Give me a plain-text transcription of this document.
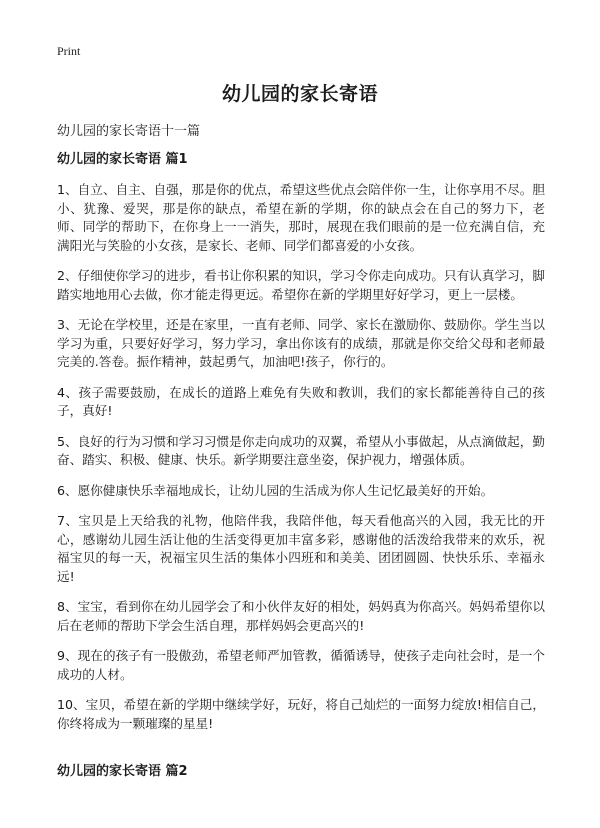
Print
幼儿园的家长寄语

幼儿园的家长寄语十一篇

幼儿园的家长寄语 篇1

1、自立、自主、自强，那是你的优点，希望这些优点会陪伴你一生，让你享用不尽。胆小、犹豫、爱哭，那是你的缺点，希望在新的学期，你的缺点会在自己的努力下，老师、同学的帮助下，在你身上一一消失，那时，展现在我们眼前的是一位充满自信，充满阳光与笑脸的小女孩，是家长、老师、同学们都喜爱的小女孩。

2、仔细使你学习的进步，看书让你积累的知识，学习令你走向成功。只有认真学习，脚踏实地地用心去做，你才能走得更远。希望你在新的学期里好好学习，更上一层楼。

3、无论在学校里，还是在家里，一直有老师、同学、家长在激励你、鼓励你。学生当以学习为重，只要好好学习，努力学习，拿出你该有的成绩，那就是你交给父母和老师最完美的.答卷。振作精神，鼓起勇气，加油吧!孩子，你行的。

4、孩子需要鼓励，在成长的道路上难免有失败和教训，我们的家长都能善待自己的孩子，真好!

5、良好的行为习惯和学习习惯是你走向成功的双翼，希望从小事做起，从点滴做起，勤奋、踏实、积极、健康、快乐。新学期要注意坐姿，保护视力，增强体质。

6、愿你健康快乐幸福地成长，让幼儿园的生活成为你人生记忆最美好的开始。

7、宝贝是上天给我的礼物，他陪伴我，我陪伴他，每天看他高兴的入园，我无比的开心，感谢幼儿园生活让他的生活变得更加丰富多彩，感谢他的活泼给我带来的欢乐，祝福宝贝的每一天，祝福宝贝生活的集体小四班和和美美、团团圆圆、快快乐乐、幸福永远!

8、宝宝，看到你在幼儿园学会了和小伙伴友好的相处，妈妈真为你高兴。妈妈希望你以后在老师的帮助下学会生活自理，那样妈妈会更高兴的!

9、现在的孩子有一股傲劲，希望老师严加管教，循循诱导，使孩子走向社会时，是一个成功的人材。

10、宝贝，希望在新的学期中继续学好，玩好，将自己灿烂的一面努力绽放!相信自己，你终将成为一颗璀璨的星星!

幼儿园的家长寄语 篇2
